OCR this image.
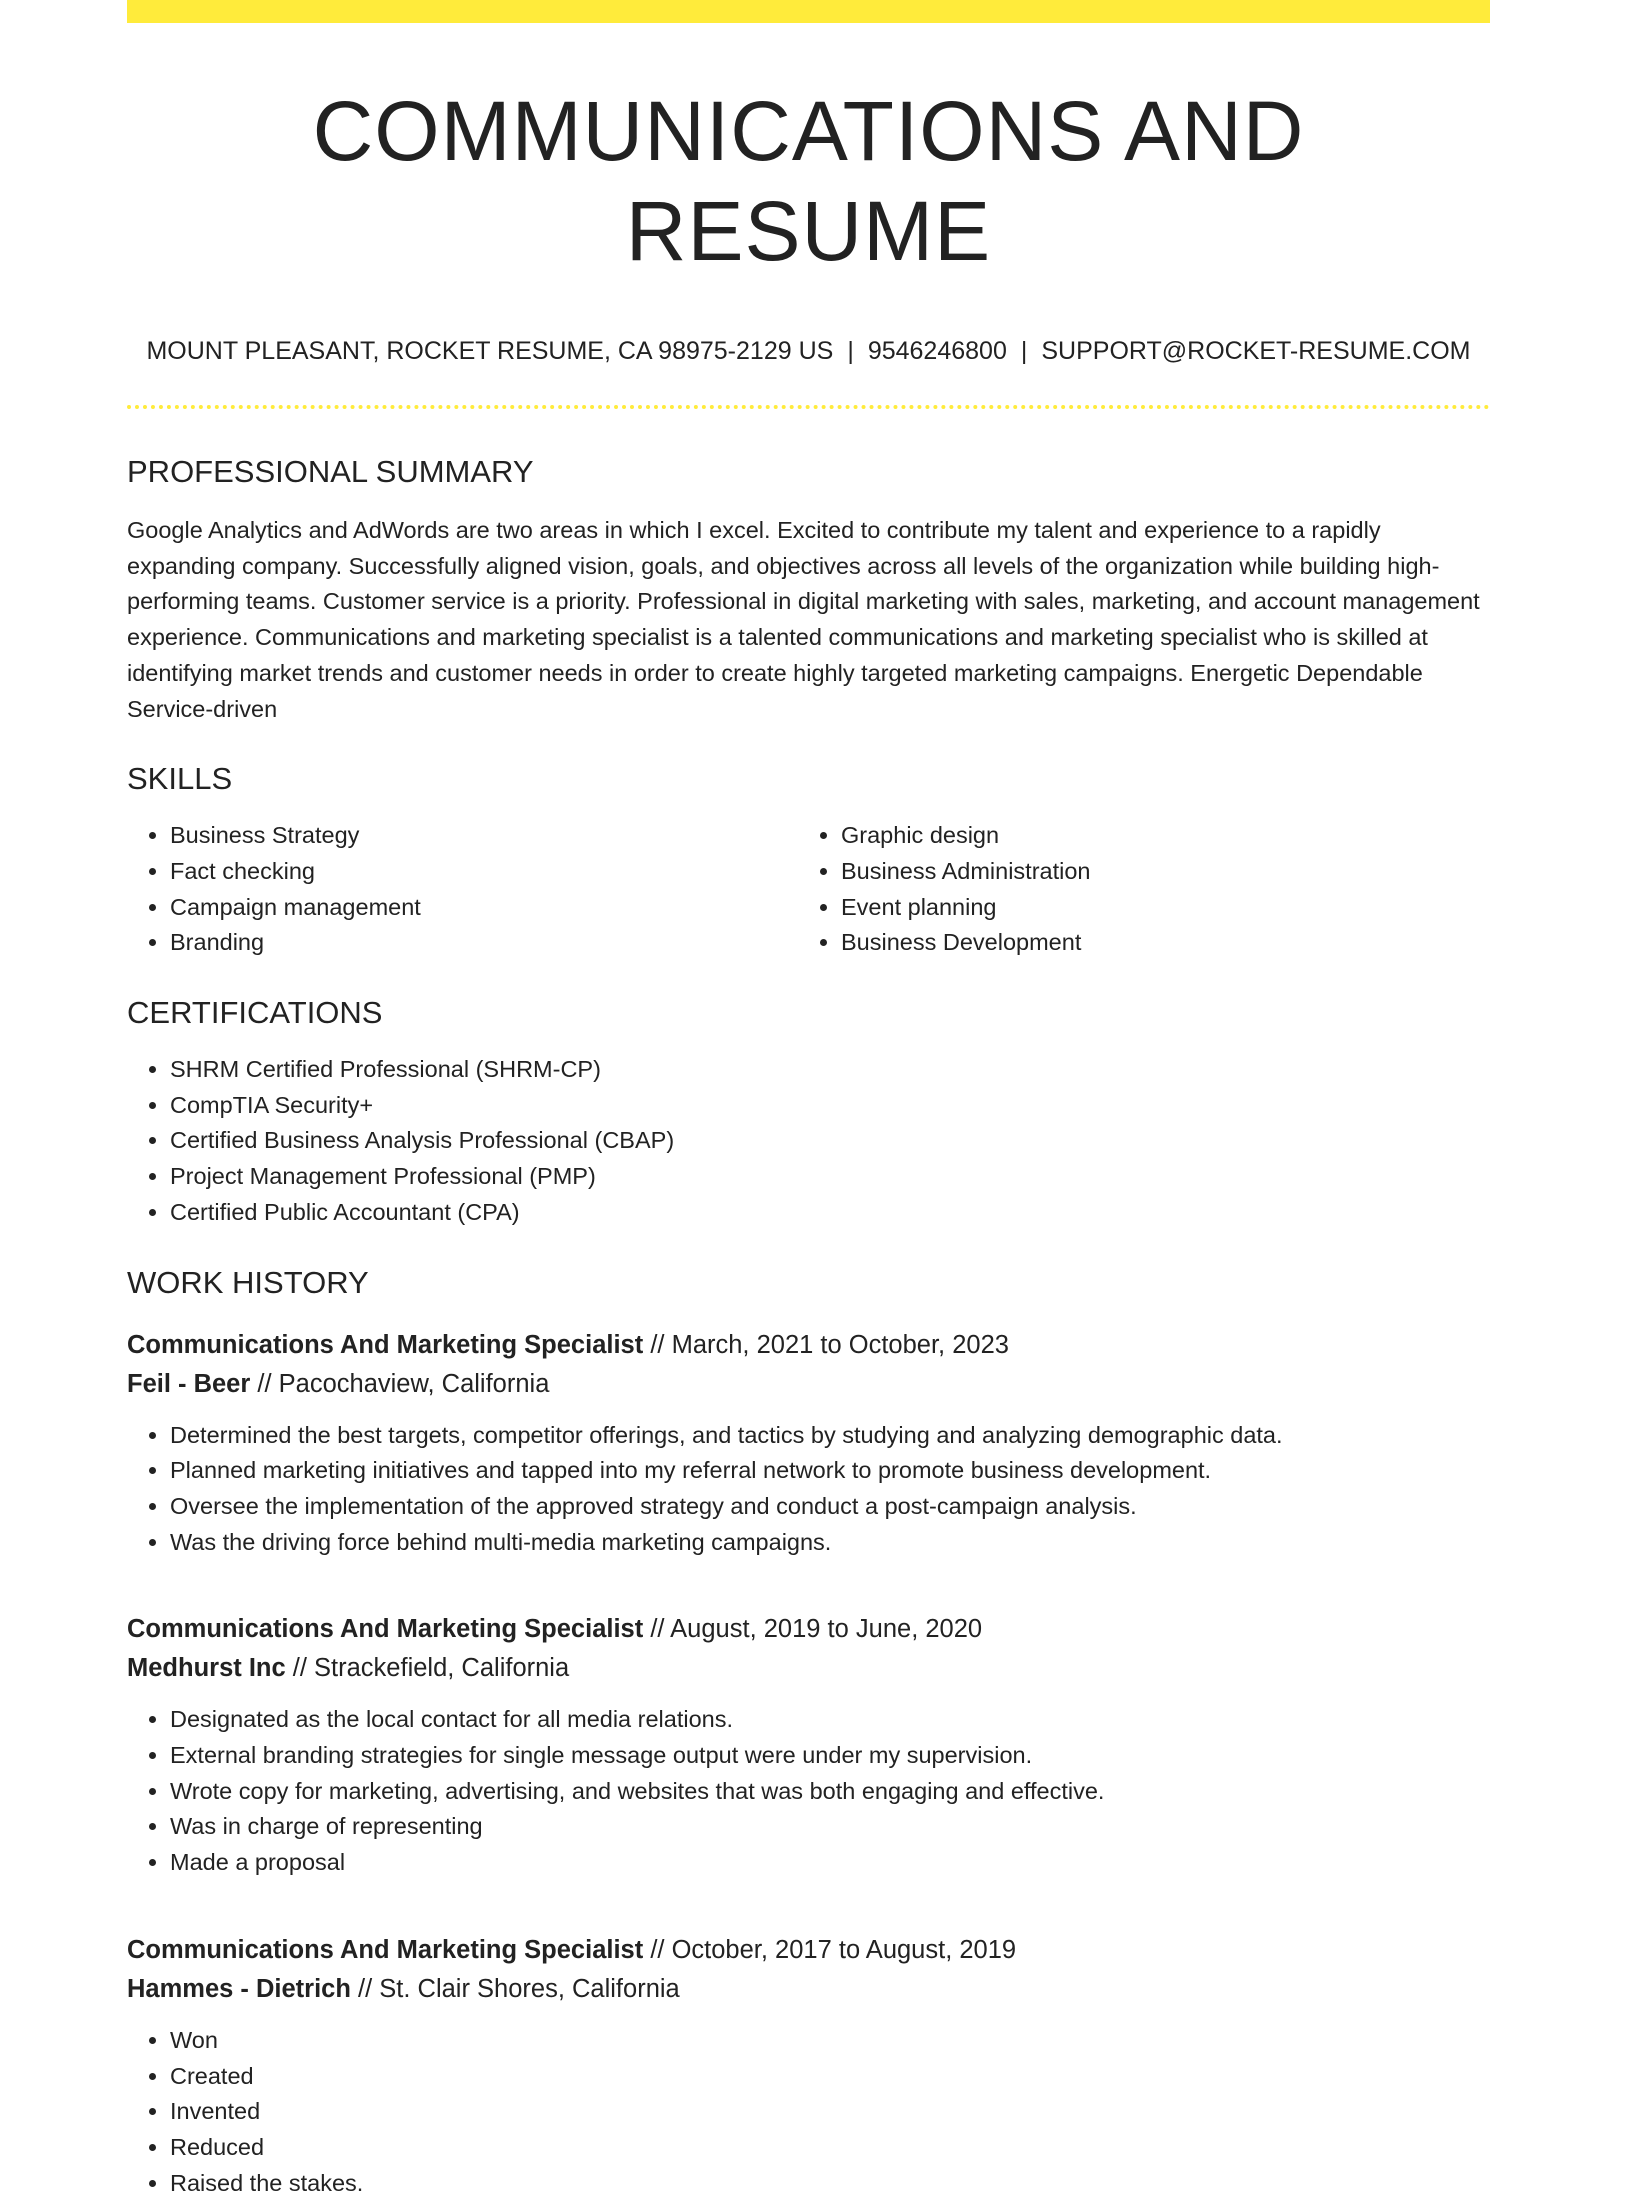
COMMUNICATIONS AND RESUME
MOUNT PLEASANT, ROCKET RESUME, CA 98975-2129 US | 9546246800 | SUPPORT@ROCKET-RESUME.COM
PROFESSIONAL SUMMARY
Google Analytics and AdWords are two areas in which I excel. Excited to contribute my talent and experience to a rapidly expanding company. Successfully aligned vision, goals, and objectives across all levels of the organization while building high-performing teams. Customer service is a priority. Professional in digital marketing with sales, marketing, and account management experience. Communications and marketing specialist is a talented communications and marketing specialist who is skilled at identifying market trends and customer needs in order to create highly targeted marketing campaigns. Energetic Dependable Service-driven
SKILLS
• Business Strategy
• Fact checking
• Campaign management
• Branding
• Graphic design
• Business Administration
• Event planning
• Business Development
CERTIFICATIONS
• SHRM Certified Professional (SHRM-CP)
• CompTIA Security+
• Certified Business Analysis Professional (CBAP)
• Project Management Professional (PMP)
• Certified Public Accountant (CPA)
WORK HISTORY
Communications And Marketing Specialist // March, 2021 to October, 2023
Feil - Beer // Pacochaview, California
• Determined the best targets, competitor offerings, and tactics by studying and analyzing demographic data.
• Planned marketing initiatives and tapped into my referral network to promote business development.
• Oversee the implementation of the approved strategy and conduct a post-campaign analysis.
• Was the driving force behind multi-media marketing campaigns.
Communications And Marketing Specialist // August, 2019 to June, 2020
Medhurst Inc // Strackefield, California
• Designated as the local contact for all media relations.
• External branding strategies for single message output were under my supervision.
• Wrote copy for marketing, advertising, and websites that was both engaging and effective.
• Was in charge of representing
• Made a proposal
Communications And Marketing Specialist // October, 2017 to August, 2019
Hammes - Dietrich // St. Clair Shores, California
• Won
• Created
• Invented
• Reduced
• Raised the stakes.
